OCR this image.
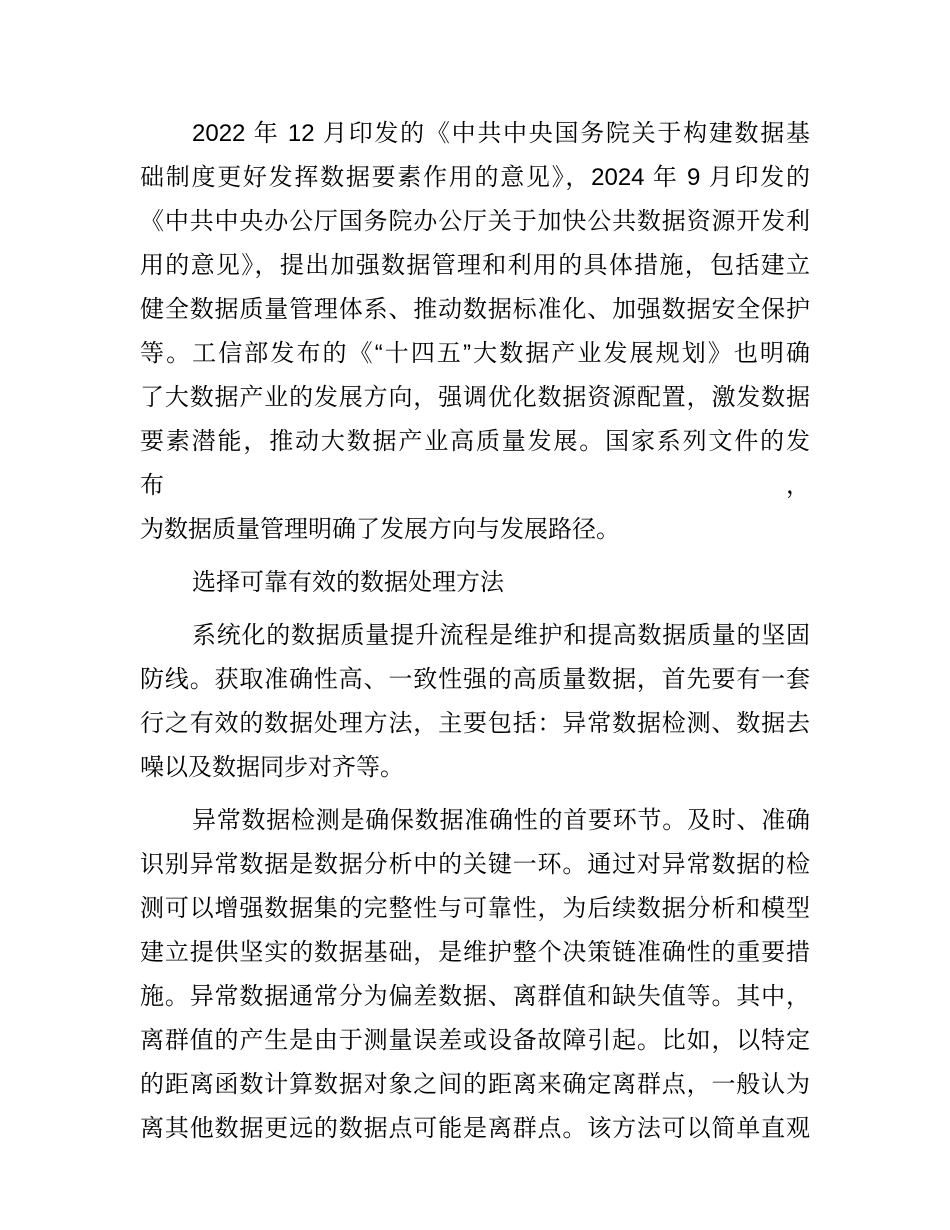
2022 年 12 月印发的《中共中央国务院关于构建数据基
础制度更好发挥数据要素作用的意见》，2024 年 9 月印发的
《中共中央办公厅国务院办公厅关于加快公共数据资源开发利
用的意见》，提出加强数据管理和利用的具体措施，包括建立
健全数据质量管理体系、推动数据标准化、加强数据安全保护
等。工信部发布的《“十四五”大数据产业发展规划》也明确
了大数据产业的发展方向，强调优化数据资源配置，激发数据
要素潜能，推动大数据产业高质量发展。国家系列文件的发布，
为数据质量管理明确了发展方向与发展路径。
选择可靠有效的数据处理方法
系统化的数据质量提升流程是维护和提高数据质量的坚固
防线。获取准确性高、一致性强的高质量数据，首先要有一套
行之有效的数据处理方法，主要包括：异常数据检测、数据去
噪以及数据同步对齐等。
异常数据检测是确保数据准确性的首要环节。及时、准确
识别异常数据是数据分析中的关键一环。通过对异常数据的检
测可以增强数据集的完整性与可靠性，为后续数据分析和模型
建立提供坚实的数据基础，是维护整个决策链准确性的重要措
施。异常数据通常分为偏差数据、离群值和缺失值等。其中，
离群值的产生是由于测量误差或设备故障引起。比如，以特定
的距离函数计算数据对象之间的距离来确定离群点，一般认为
离其他数据更远的数据点可能是离群点。该方法可以简单直观
